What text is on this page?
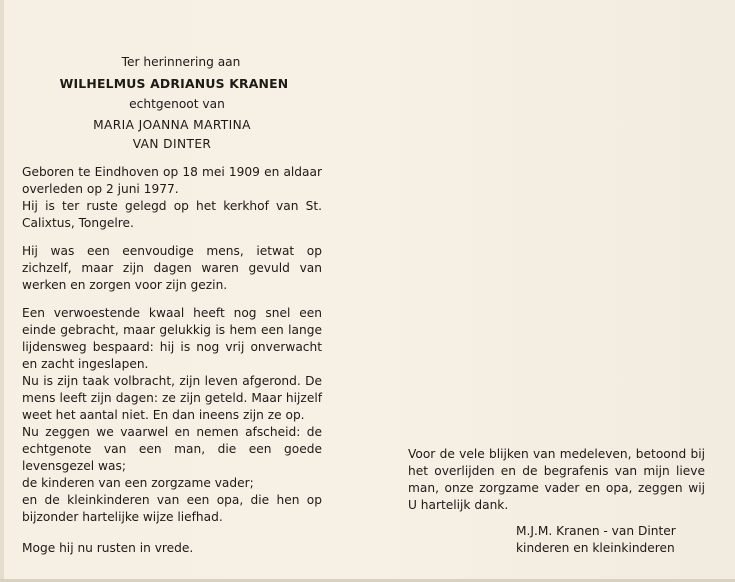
Ter herinnering aan
WILHELMUS ADRIANUS KRANEN
echtgenoot van
MARIA JOANNA MARTINA
VAN DINTER

Geboren te Eindhoven op 18 mei 1909 en aldaar overleden op 2 juni 1977.

Hij is ter ruste gelegd op het kerkhof van St. Calixtus, Tongelre.

Hij was een eenvoudige mens, ietwat op zichzelf, maar zijn dagen waren gevuld van werken en zorgen voor zijn gezin.

Een verwoestende kwaal heeft nog snel een einde gebracht, maar gelukkig is hem een lange lijdensweg bespaard: hij is nog vrij onverwacht en zacht ingeslapen.

Nu is zijn taak volbracht, zijn leven afgerond. De mens leeft zijn dagen: ze zijn geteld. Maar hijzelf weet het aantal niet. En dan ineens zijn ze op.

Nu zeggen we vaarwel en nemen afscheid: de echtgenote van een man, die een goede levensgezel was;

de kinderen van een zorgzame vader;

en de kleinkinderen van een opa, die hen op bijzonder hartelijke wijze liefhad.

Moge hij nu rusten in vrede.

Voor de vele blijken van medeleven, betoond bij het overlijden en de begrafenis van mijn lieve man, onze zorgzame vader en opa, zeggen wij U hartelijk dank.

M.J.M. Kranen - van Dinter
kinderen en kleinkinderen
